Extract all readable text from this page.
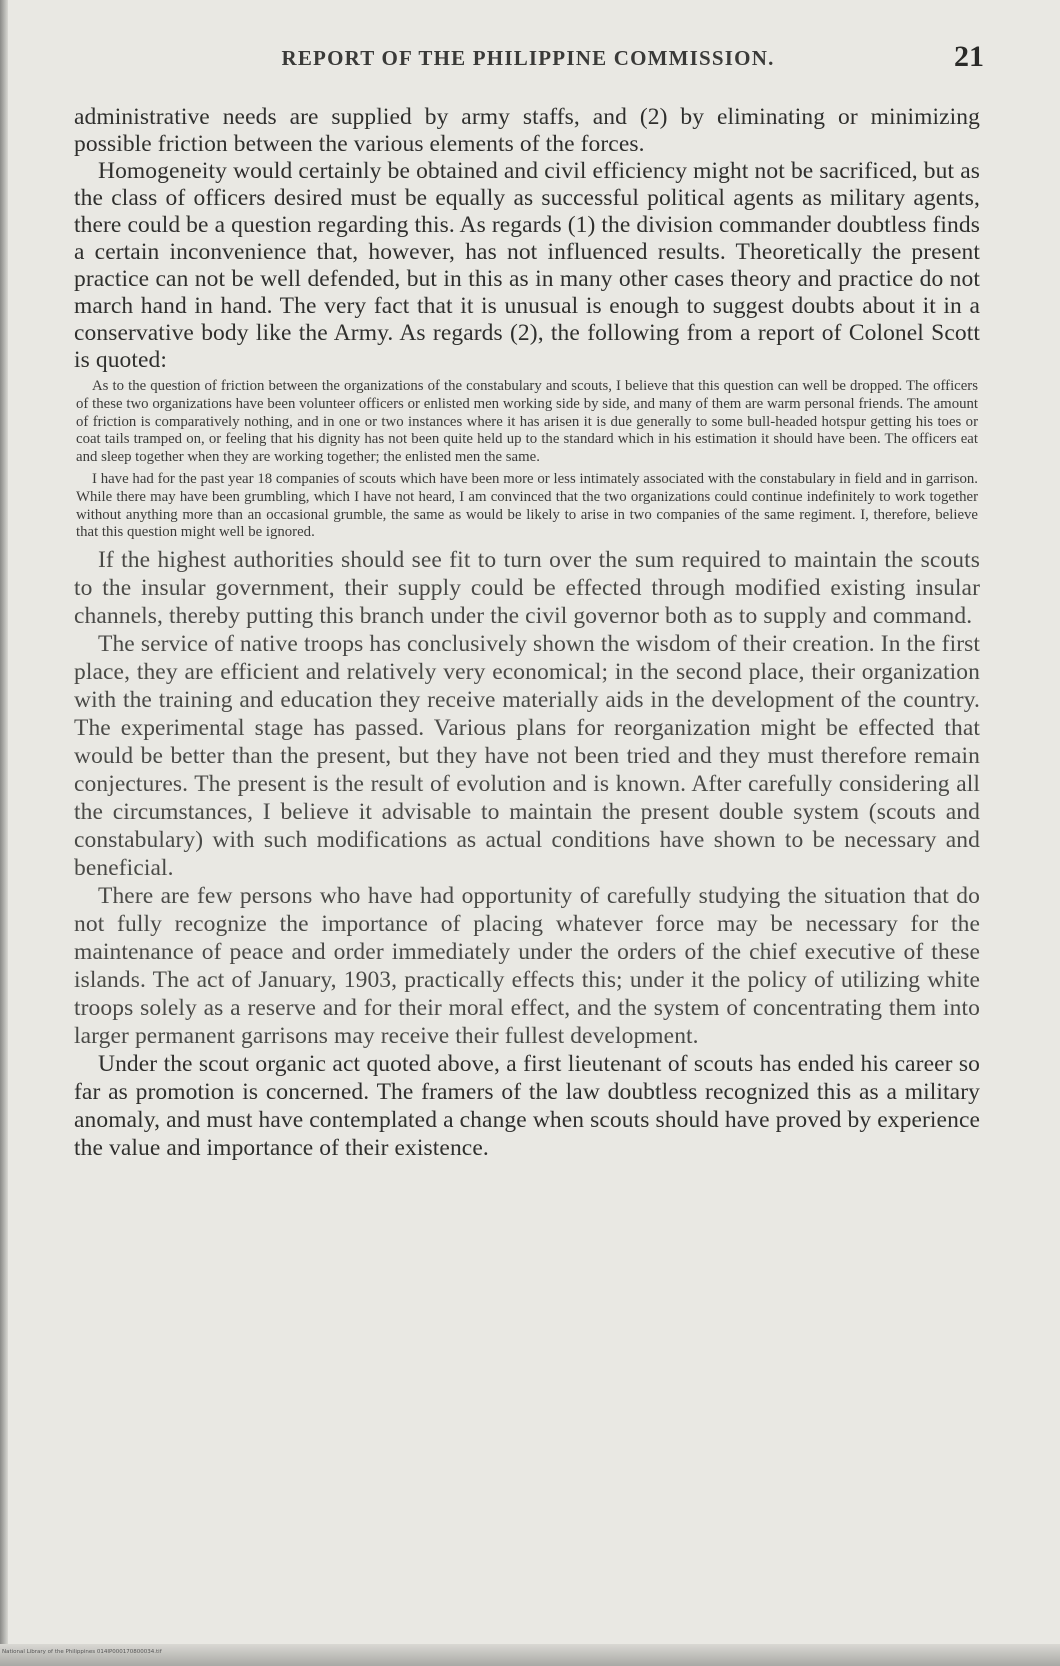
REPORT OF THE PHILIPPINE COMMISSION.	21

administrative needs are supplied by army staffs, and (2) by eliminating or minimizing possible friction between the various elements of the forces.

Homogeneity would certainly be obtained and civil efficiency might not be sacrificed, but as the class of officers desired must be equally as successful political agents as military agents, there could be a question regarding this. As regards (1) the division commander doubtless finds a certain inconvenience that, however, has not influenced results. Theoretically the present practice can not be well defended, but in this as in many other cases theory and practice do not march hand in hand. The very fact that it is unusual is enough to suggest doubts about it in a conservative body like the Army. As regards (2), the following from a report of Colonel Scott is quoted:

As to the question of friction between the organizations of the constabulary and scouts, I believe that this question can well be dropped. The officers of these two organizations have been volunteer officers or enlisted men working side by side, and many of them are warm personal friends. The amount of friction is comparatively nothing, and in one or two instances where it has arisen it is due generally to some bull-headed hotspur getting his toes or coat tails tramped on, or feeling that his dignity has not been quite held up to the standard which in his estimation it should have been. The officers eat and sleep together when they are working together; the enlisted men the same.

I have had for the past year 18 companies of scouts which have been more or less intimately associated with the constabulary in field and in garrison. While there may have been grumbling, which I have not heard, I am convinced that the two organizations could continue indefinitely to work together without anything more than an occasional grumble, the same as would be likely to arise in two companies of the same regiment. I, therefore, believe that this question might well be ignored.

If the highest authorities should see fit to turn over the sum required to maintain the scouts to the insular government, their supply could be effected through modified existing insular channels, thereby putting this branch under the civil governor both as to supply and command.

The service of native troops has conclusively shown the wisdom of their creation. In the first place, they are efficient and relatively very economical; in the second place, their organization with the training and education they receive materially aids in the development of the country. The experimental stage has passed. Various plans for reorganization might be effected that would be better than the present, but they have not been tried and they must therefore remain conjectures. The present is the result of evolution and is known. After carefully considering all the circumstances, I believe it advisable to maintain the present double system (scouts and constabulary) with such modifications as actual conditions have shown to be necessary and beneficial.

There are few persons who have had opportunity of carefully studying the situation that do not fully recognize the importance of placing whatever force may be necessary for the maintenance of peace and order immediately under the orders of the chief executive of these islands. The act of January, 1903, practically effects this; under it the policy of utilizing white troops solely as a reserve and for their moral effect, and the system of concentrating them into larger permanent garrisons may receive their fullest development.

Under the scout organic act quoted above, a first lieutenant of scouts has ended his career so far as promotion is concerned. The framers of the law doubtless recognized this as a military anomaly, and must have contemplated a change when scouts should have proved by experience the value and importance of their existence.

National Library of the Philippines 014IP000170800034.tif
